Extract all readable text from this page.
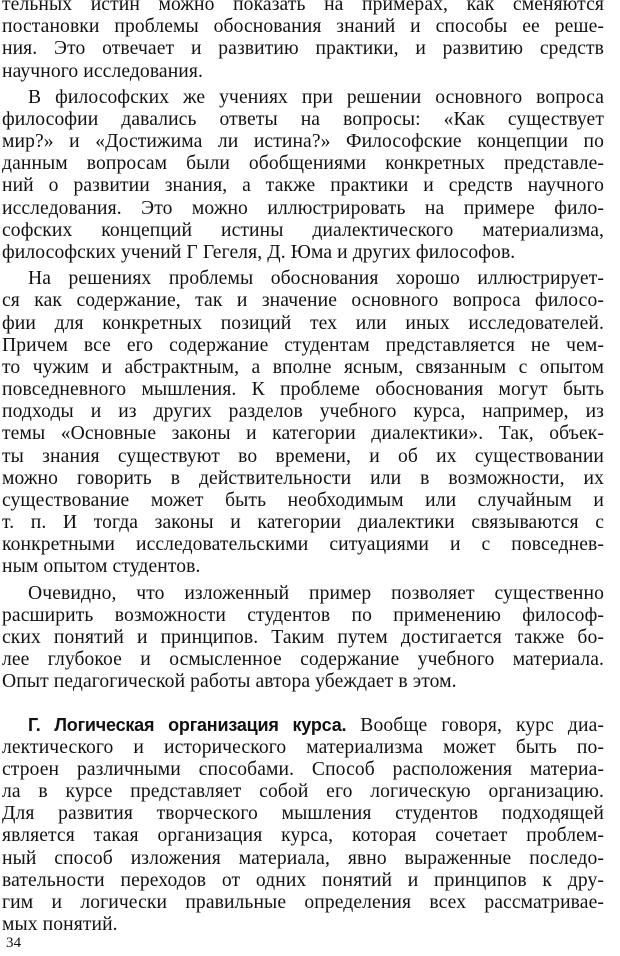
тельных истин можно показать на примерах, как сменяются
постановки проблемы обоснования знаний и способы ее реше-
ния. Это отвечает и развитию практики, и развитию средств
научного исследования.
В философских же учениях при решении основного вопроса
философии давались ответы на вопросы: «Как существует
мир?» и «Достижима ли истина?» Философские концепции по
данным вопросам были обобщениями конкретных представле-
ний о развитии знания, а также практики и средств научного
исследования. Это можно иллюстрировать на примере фило-
софских концепций истины диалектического материализма,
философских учений Г Гегеля, Д. Юма и других философов.
На решениях проблемы обоснования хорошо иллюстрирует-
ся как содержание, так и значение основного вопроса филосо-
фии для конкретных позиций тех или иных исследователей.
Причем все его содержание студентам представляется не чем-
то чужим и абстрактным, а вполне ясным, связанным с опытом
повседневного мышления. К проблеме обоснования могут быть
подходы и из других разделов учебного курса, например, из
темы «Основные законы и категории диалектики». Так, объек-
ты знания существуют во времени, и об их существовании
можно говорить в действительности или в возможности, их
существование может быть необходимым или случайным и
т. п. И тогда законы и категории диалектики связываются с
конкретными исследовательскими ситуациями и с повседнев-
ным опытом студентов.
Очевидно, что изложенный пример позволяет существенно
расширить возможности студентов по применению философ-
ских понятий и принципов. Таким путем достигается также бо-
лее глубокое и осмысленное содержание учебного материала.
Опыт педагогической работы автора убеждает в этом.
Г. Логическая организация курса. Вообще говоря, курс диа-
лектического и исторического материализма может быть по-
строен различными способами. Способ расположения материа-
ла в курсе представляет собой его логическую организацию.
Для развития творческого мышления студентов подходящей
является такая организация курса, которая сочетает проблем-
ный способ изложения материала, явно выраженные последо-
вательности переходов от одних понятий и принципов к дру-
гим и логически правильные определения всех рассматривае-
мых понятий.
34
